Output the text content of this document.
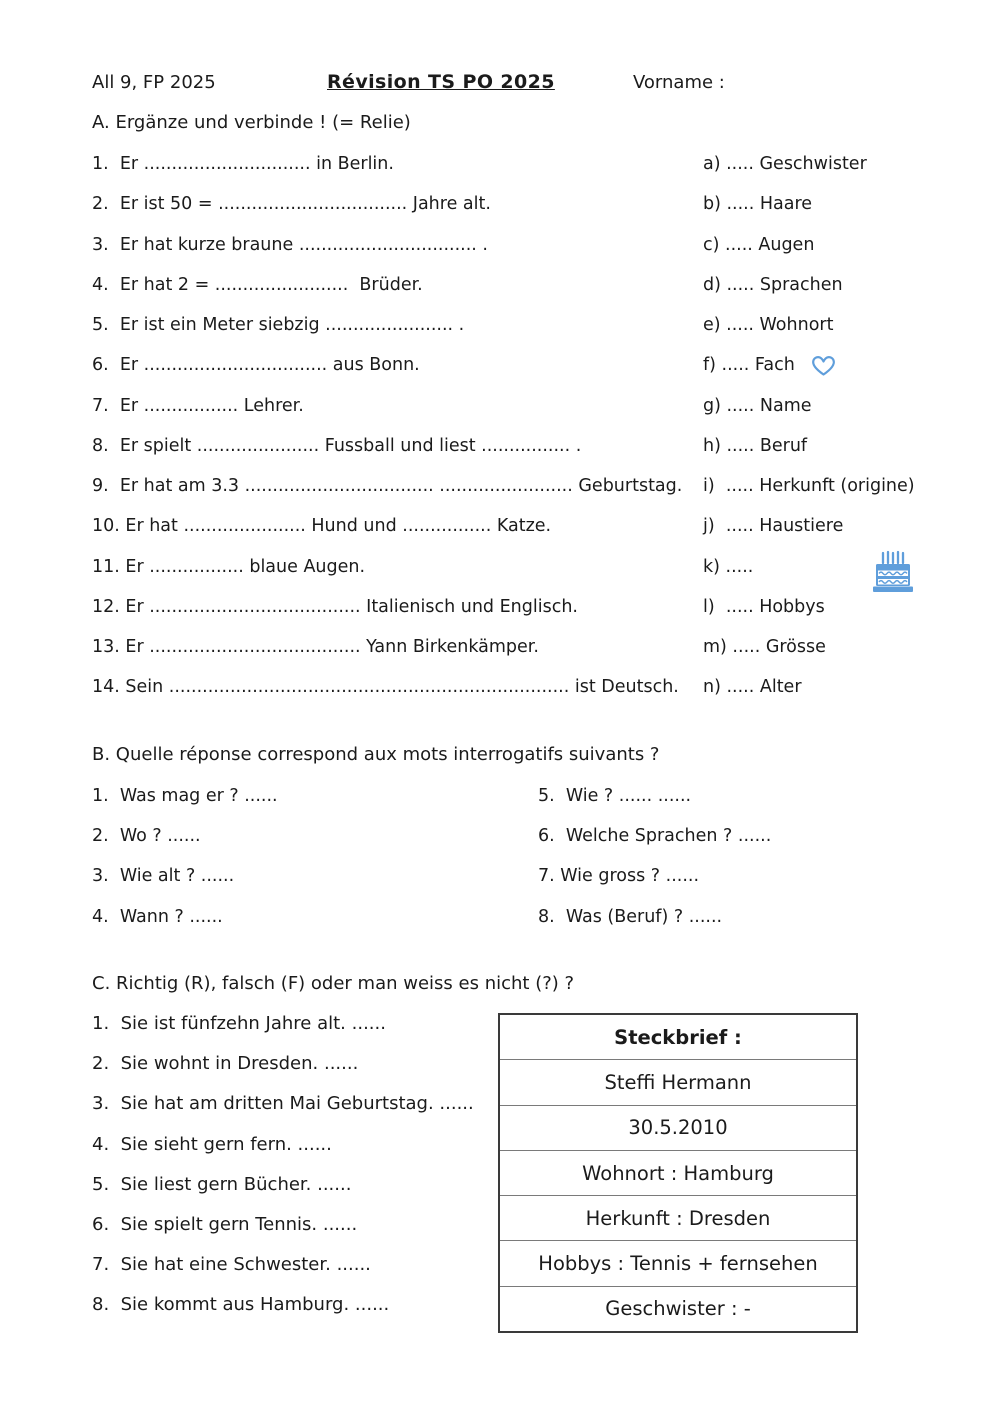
All 9, FP 2025	Révision TS PO 2025	Vorname :
A. Ergänze und verbinde ! (= Relie)
1.  Er .............................. in Berlin.	a) ..... Geschwister
2.  Er ist 50 = .................................. Jahre alt.	b) ..... Haare
3.  Er hat kurze braune ................................ .	c) ..... Augen
4.  Er hat 2 = ........................  Brüder.	d) ..... Sprachen
5.  Er ist ein Meter siebzig ....................... .	e) ..... Wohnort
6.  Er ................................. aus Bonn.	f) ..... Fach
7.  Er ................. Lehrer.	g) ..... Name
8.  Er spielt ...................... Fussball und liest ................ .	h) ..... Beruf
9.  Er hat am 3.3 .................................. ........................ Geburtstag. i)  ..... Herkunft (origine)
10. Er hat ...................... Hund und ................ Katze.	j)  ..... Haustiere
11. Er ................. blaue Augen.	k) .....
12. Er ...................................... Italienisch und Englisch.	l)  ..... Hobbys
13. Er ...................................... Yann Birkenkämper.	m) ..... Grösse
14. Sein ........................................................................ ist Deutsch. n) ..... Alter
B. Quelle réponse correspond aux mots interrogatifs suivants ?
1.  Was mag er ? ......
2.  Wo ? ......
3.  Wie alt ? ......
4.  Wann ? ......
5.  Wie ? ...... ......
6.  Welche Sprachen ? ......
7. Wie gross ? ......
8.  Was (Beruf) ? ......
C. Richtig (R), falsch (F) oder man weiss es nicht (?) ?
1.  Sie ist fünfzehn Jahre alt. ......
2.  Sie wohnt in Dresden. ......
3.  Sie hat am dritten Mai Geburtstag. ......
4.  Sie sieht gern fern. ......
5.  Sie liest gern Bücher. ......
6.  Sie spielt gern Tennis. ......
7.  Sie hat eine Schwester. ......
8.  Sie kommt aus Hamburg. ......
Steckbrief :
Steffi Hermann
30.5.2010
Wohnort : Hamburg
Herkunft : Dresden
Hobbys : Tennis + fernsehen
Geschwister : -
